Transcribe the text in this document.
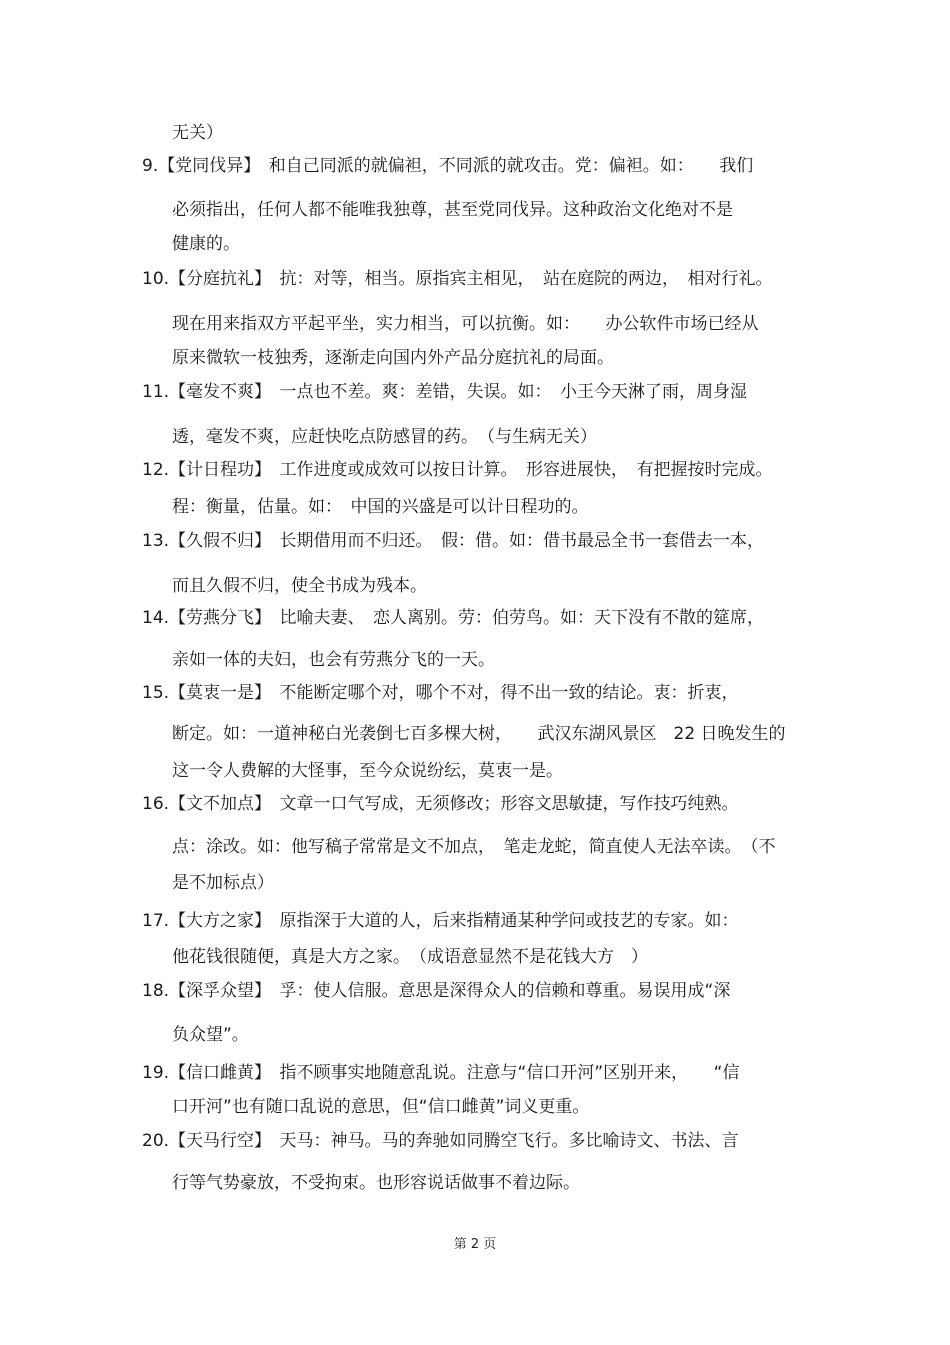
无关）
9.【党同伐异】　和自己同派的就偏袒，不同派的就攻击。党：偏袒。如：　　我们
必须指出，任何人都不能唯我独尊，甚至党同伐异。这种政治文化绝对不是
健康的。
10.【分庭抗礼】　抗：对等，相当。原指宾主相见，　站在庭院的两边，　相对行礼。
现在用来指双方平起平坐，实力相当，可以抗衡。如：　　办公软件市场已经从
原来微软一枝独秀，逐渐走向国内外产品分庭抗礼的局面。
11.【毫发不爽】　一点也不差。爽：差错，失误。如：　小王今天淋了雨，周身湿
透，毫发不爽，应赶快吃点防感冒的药。　（与生病无关）
12.【计日程功】　工作进度或成效可以按日计算。　形容进展快，　有把握按时完成。
程：衡量，估量。如：　中国的兴盛是可以计日程功的。
13.【久假不归】　长期借用而不归还。　假：借。如：借书最忌全书一套借去一本，
而且久假不归，使全书成为残本。
14.【劳燕分飞】　比喻夫妻、　恋人离别。劳：伯劳鸟。如：天下没有不散的筵席，
亲如一体的夫妇，也会有劳燕分飞的一天。
15.【莫衷一是】　不能断定哪个对，哪个不对，得不出一致的结论。衷：折衷，
断定。如：一道神秘白光袭倒七百多棵大树，　　武汉东湖风景区　22 日晚发生的
这一令人费解的大怪事，至今众说纷纭，莫衷一是。
16.【文不加点】　文章一口气写成，无须修改；形容文思敏捷，写作技巧纯熟。
点：涂改。如：他写稿子常常是文不加点，　笔走龙蛇，简直使人无法卒读。　（不
是不加标点）
17.【大方之家】　原指深于大道的人，后来指精通某种学问或技艺的专家。如：
他花钱很随便，真是大方之家。　（成语意显然不是花钱大方　）
18.【深孚众望】　孚：使人信服。意思是深得众人的信赖和尊重。易误用成“深
负众望”。
19.【信口雌黄】　指不顾事实地随意乱说。注意与“信口开河”区别开来，　　“信
口开河”也有随口乱说的意思，但“信口雌黄”词义更重。
20.【天马行空】　天马：神马。马的奔驰如同腾空飞行。多比喻诗文、书法、言
行等气势豪放，不受拘束。也形容说话做事不着边际。
第 2 页
